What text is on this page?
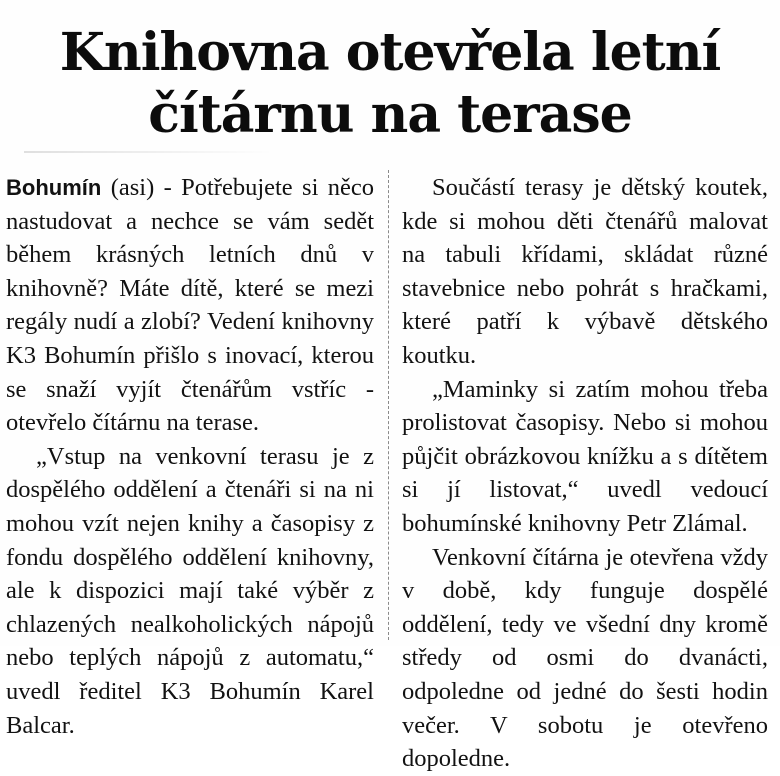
Knihovna otevřela letní
čítárnu na terase

Bohumín (asi) - Potřebujete si něco nastudovat a nechce se vám sedět během krásných letních dnů v knihovně? Máte dítě, které se mezi regály nudí a zlobí? Vedení knihovny K3 Bohumín přišlo s inovací, kterou se snaží vyjít čtenářům vstříc - otevřelo čítárnu na terase.

„Vstup na venkovní terasu je z dospělého oddělení a čtenáři si na ni mohou vzít nejen knihy a časopisy z fondu dospělého oddělení knihovny, ale k dispozici mají také výběr z chlazených nealkoholických nápojů nebo teplých nápojů z automatu,“ uvedl ředitel K3 Bohumín Karel Balcar.

Součástí terasy je dětský koutek, kde si mohou děti čtenářů malovat na tabuli křídami, skládat různé stavebnice nebo pohrát s hračkami, které patří k výbavě dětského koutku.

„Maminky si zatím mohou třeba prolistovat časopisy. Nebo si mohou půjčit obrázkovou knížku a s dítětem si jí listovat,“ uvedl vedoucí bohumínské knihovny Petr Zlámal.

Venkovní čítárna je otevřena vždy v době, kdy funguje dospělé oddělení, tedy ve všední dny kromě středy od osmi do dvanácti, odpoledne od jedné do šesti hodin večer. V sobotu je otevřeno dopoledne.
